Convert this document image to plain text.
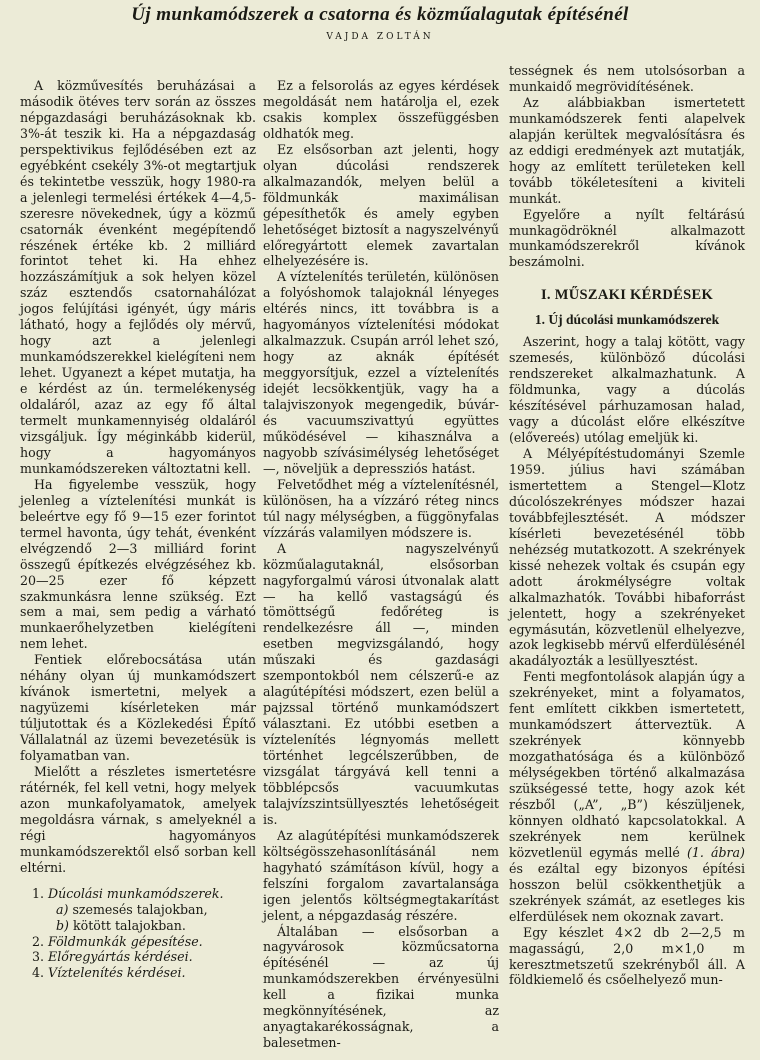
Új munkamódszerek a csatorna és közműalagutak építésénél
VAJDA ZOLTÁN

A közművesítés beruházásai a második ötéves terv során az összes népgazdasági beruházásoknak kb. 3%-át teszik ki. Ha a népgazdaság perspektivikus fejlődésében ezt az egyébként csekély 3%-ot megtartjuk és tekintetbe vesszük, hogy 1980-ra a jelenlegi termelési értékek 4—4,5-szeresre növekednek, úgy a közmű csatornák évenként megépítendő részének értéke kb. 2 milliárd forintot tehet ki. Ha ehhez hozzászámítjuk a sok helyen közel száz esztendős csatornahálózat jogos felújítási igényét, úgy máris látható, hogy a fejlődés oly mérvű, hogy azt a jelenlegi munkamódszerekkel kielégíteni nem lehet. Ugyanezt a képet mutatja, ha e kérdést az ún. termelékenység oldaláról, azaz az egy fő által termelt munkamennyiség oldaláról vizsgáljuk. Így méginkább kiderül, hogy a hagyományos munkamódszereken változtatni kell.

Ha figyelembe vesszük, hogy jelenleg a víztelenítési munkát is beleértve egy fő 9—15 ezer forintot termel havonta, úgy tehát, évenként elvégzendő 2—3 milliárd forint összegű építkezés elvégzéséhez kb. 20—25 ezer fő képzett szakmunkásra lenne szükség. Ezt sem a mai, sem pedig a várható munkaerőhelyzetben kielégíteni nem lehet.

Fentiek előrebocsátása után néhány olyan új munkamódszert kívánok ismertetni, melyek a nagyüzemi kísérleteken már túljutottak és a Közlekedési Építő Vállalatnál az üzemi bevezetésük is folyamatban van.

Mielőtt a részletes ismertetésre rátérnék, fel kell vetni, hogy melyek azon munkafolyamatok, amelyek megoldásra várnak, s amelyeknél a régi hagyományos munkamódszerektől első sorban kell eltérni.

1. Dúcolási munkamódszerek.
a) szemesés talajokban,
b) kötött talajokban.
2. Földmunkák gépesítése.
3. Előregyártás kérdései.
4. Víztelenítés kérdései.

Ez a felsorolás az egyes kérdések megoldását nem határolja el, ezek csakis komplex összefüggésben oldhatók meg.

Ez elsősorban azt jelenti, hogy olyan dúcolási rendszerek alkalmazandók, melyen belül a földmunkák maximálisan gépesíthetők és amely egyben lehetőséget biztosít a nagyszelvényű előregyártott elemek zavartalan elhelyezésére is.

A víztelenítés területén, különösen a folyóshomok talajoknál lényeges eltérés nincs, itt továbbra is a hagyományos víztelenítési módokat alkalmazzuk. Csupán arról lehet szó, hogy az aknák építését meggyorsítjuk, ezzel a víztelenítés idejét lecsökkentjük, vagy ha a talajviszonyok megengedik, búvár- és vacuumszivattyú együttes működésével — kihasználva a nagyobb szívásimélység lehetőséget —, növeljük a depressziós hatást.

Felvetődhet még a víztelenítésnél, különösen, ha a vízzáró réteg nincs túl nagy mélységben, a függönyfalas vízzárás valamilyen módszere is.

A nagyszelvényű közműalagutaknál, elsősorban nagyforgalmú városi útvonalak alatt — ha kellő vastagságú és tömöttségű fedőréteg is rendelkezésre áll —, minden esetben megvizsgálandó, hogy műszaki és gazdasági szempontokból nem célszerű-e az alagútépítési módszert, ezen belül a pajzssal történő munkamódszert választani. Ez utóbbi esetben a víztelenítés légnyomás mellett történhet legcélszerűbben, de vizsgálat tárgyává kell tenni a többlépcsős vacuumkutas talajvízszintsüllyesztés lehetőségeit is.

Az alagútépítési munkamódszerek költségösszehasonlításánál nem hagyható számításon kívül, hogy a felszíni forgalom zavartalansága igen jelentős költségmegtakarítást jelent, a népgazdaság részére.

Általában — elsősorban a nagyvárosok közműcsatorna építésénél — az új munkamódszerekben érvényesülni kell a fizikai munka megkönnyítésének, az anyagtakarékosságnak, a balesetmen-

tességnek és nem utolsósorban a munkaidő megrövidítésének.

Az alábbiakban ismertetett munkamódszerek fenti alapelvek alapján kerültek megvalósításra és az eddigi eredmények azt mutatják, hogy az említett területeken kell tovább tökéletesíteni a kiviteli munkát.

Egyelőre a nyílt feltárású munkagödröknél alkalmazott munkamódszerekről kívánok beszámolni.

I. MŰSZAKI KÉRDÉSEK
1. Új dúcolási munkamódszerek

Aszerint, hogy a talaj kötött, vagy szemesés, különböző dúcolási rendszereket alkalmazhatunk. A földmunka, vagy a dúcolás készítésével párhuzamosan halad, vagy a dúcolást előre elkészítve (elővereés) utólag emeljük ki.

A Mélyépítéstudományi Szemle 1959. július havi számában ismertettem a Stengel—Klotz dúcolószekrényes módszer hazai továbbfejlesztését. A módszer kísérleti bevezetésénél több nehézség mutatkozott. A szekrények kissé nehezek voltak és csupán egy adott árokmélységre voltak alkalmazhatók. További hibaforrást jelentett, hogy a szekrényeket egymásután, közvetlenül elhelyezve, azok legkisebb mérvű elferdülésénél akadályozták a lesüllyesztést.

Fenti megfontolások alapján úgy a szekrényeket, mint a folyamatos, fent említett cikkben ismertetett, munkamódszert átterveztük. A szekrények könnyebb mozgathatósága és a különböző mélységekben történő alkalmazása szükségessé tette, hogy azok két részből („A”, „B”) készüljenek, könnyen oldható kapcsolatokkal. A szekrények nem kerülnek közvetlenül egymás mellé (1. ábra) és ezáltal egy bizonyos építési hosszon belül csökkenthetjük a szekrények számát, az esetleges kis elferdülések nem okoznak zavart.

Egy készlet 4×2 db 2—2,5 m magasságú, 2,0 m×1,0 m keresztmetszetű szekrényből áll. A földkiemelő és csőelhelyező mun-
